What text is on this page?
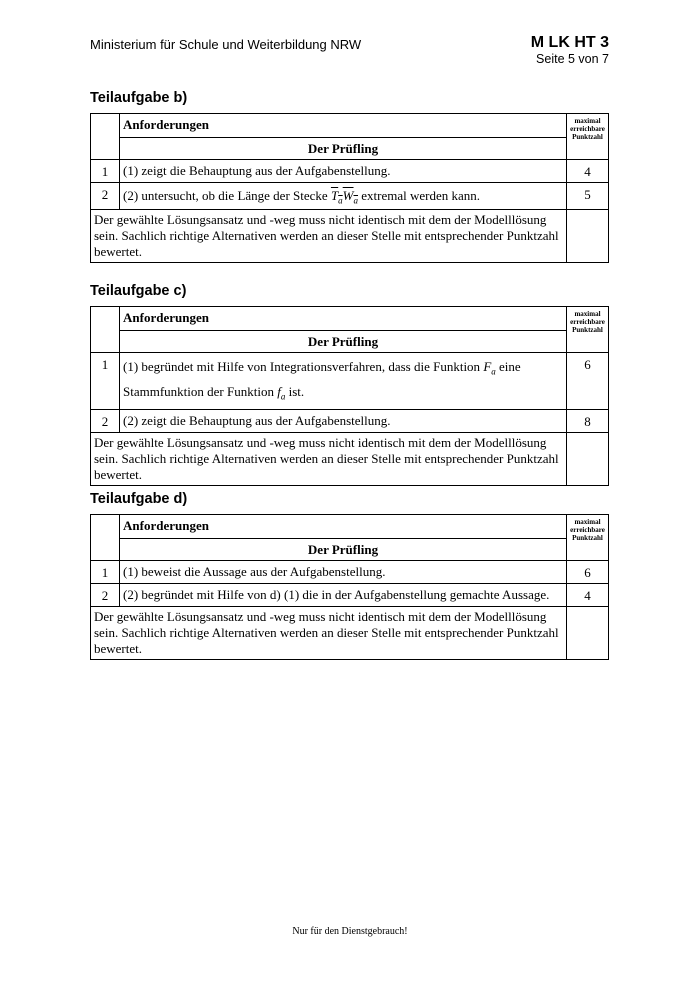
Ministerium für Schule und Weiterbildung NRW	M LK HT 3
Seite 5 von 7
Teilaufgabe b)
	Anforderungen	maximal
erreichbare
Punktzahl
	Der Prüfling	
1	(1) zeigt die Behauptung aus der Aufgabenstellung.	4
2	(2) untersucht, ob die Länge der Stecke $T_aW_a$ extremal werden kann.	5
Der gewählte Lösungsansatz und -weg muss nicht identisch mit dem der Modelllösung sein. Sachlich richtige Alternativen werden an dieser Stelle mit entsprechender Punktzahl bewertet.		
Teilaufgabe c)
	Anforderungen	maximal
erreichbare
Punktzahl
	Der Prüfling	
1	(1) begründet mit Hilfe von Integrationsverfahren, dass die Funktion $F_a$ eine Stammfunktion der Funktion $f_a$ ist.	6
2	(2) zeigt die Behauptung aus der Aufgabenstellung.	8
Der gewählte Lösungsansatz und -weg muss nicht identisch mit dem der Modelllösung sein. Sachlich richtige Alternativen werden an dieser Stelle mit entsprechender Punktzahl bewertet.		
Teilaufgabe d)
	Anforderungen	maximal
erreichbare
Punktzahl
	Der Prüfling	
1	(1) beweist die Aussage aus der Aufgabenstellung.	6
2	(2) begründet mit Hilfe von d) (1) die in der Aufgabenstellung gemachte Aussage.	4
Der gewählte Lösungsansatz und -weg muss nicht identisch mit dem der Modelllösung sein. Sachlich richtige Alternativen werden an dieser Stelle mit entsprechender Punktzahl bewertet.		
Nur für den Dienstgebrauch!
